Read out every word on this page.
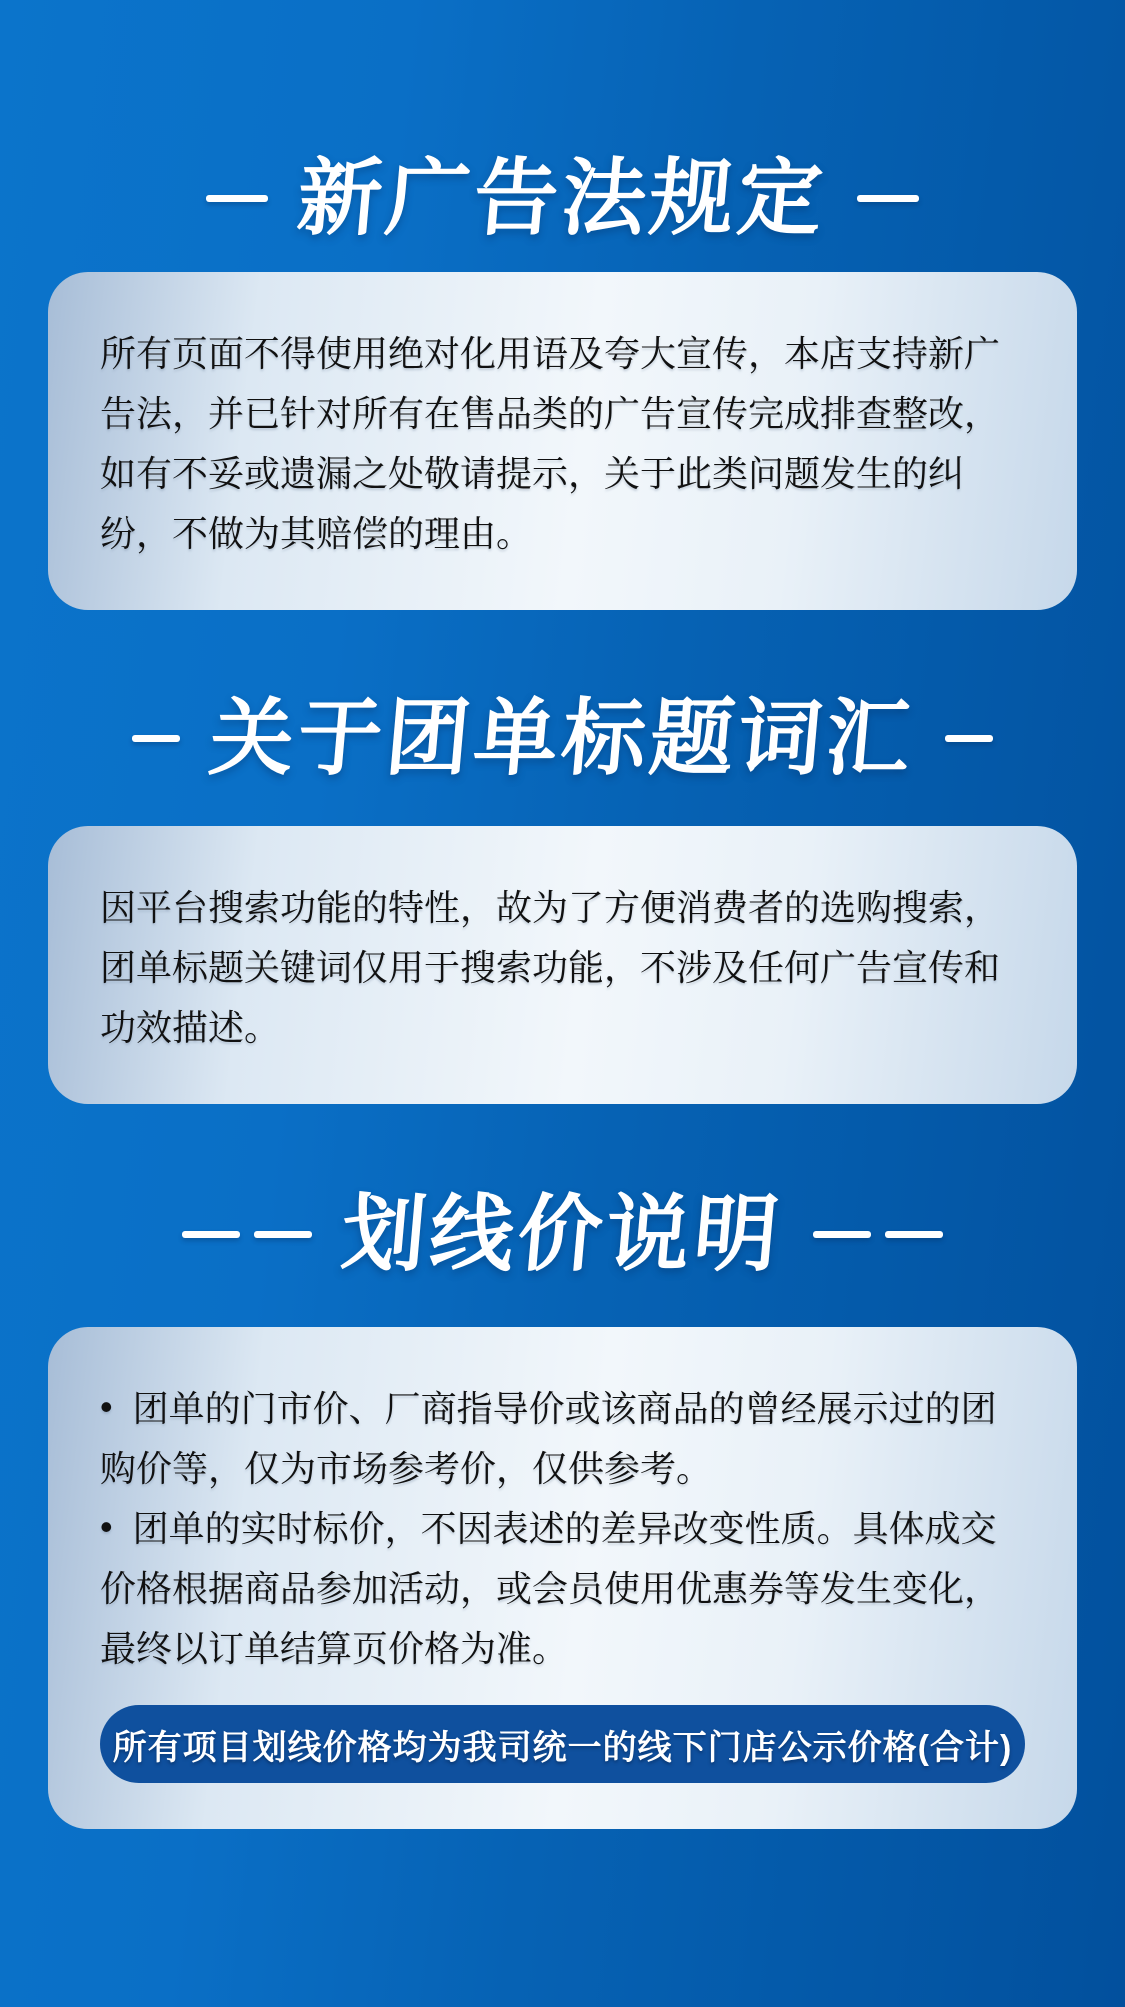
新广告法规定

所有页面不得使用绝对化用语及夸大宣传，本店支持新广告法，并已针对所有在售品类的广告宣传完成排查整改，如有不妥或遗漏之处敬请提示，关于此类问题发生的纠纷，不做为其赔偿的理由。

关于团单标题词汇

因平台搜索功能的特性，故为了方便消费者的选购搜索，团单标题关键词仅用于搜索功能，不涉及任何广告宣传和功效描述。

划线价说明
• 团单的门市价、厂商指导价或该商品的曾经展示过的团购价等，仅为市场参考价，仅供参考。
• 团单的实时标价，不因表述的差异改变性质。具体成交价格根据商品参加活动，或会员使用优惠券等发生变化，最终以订单结算页价格为准。
所有项目划线价格均为我司统一的线下门店公示价格(合计)
